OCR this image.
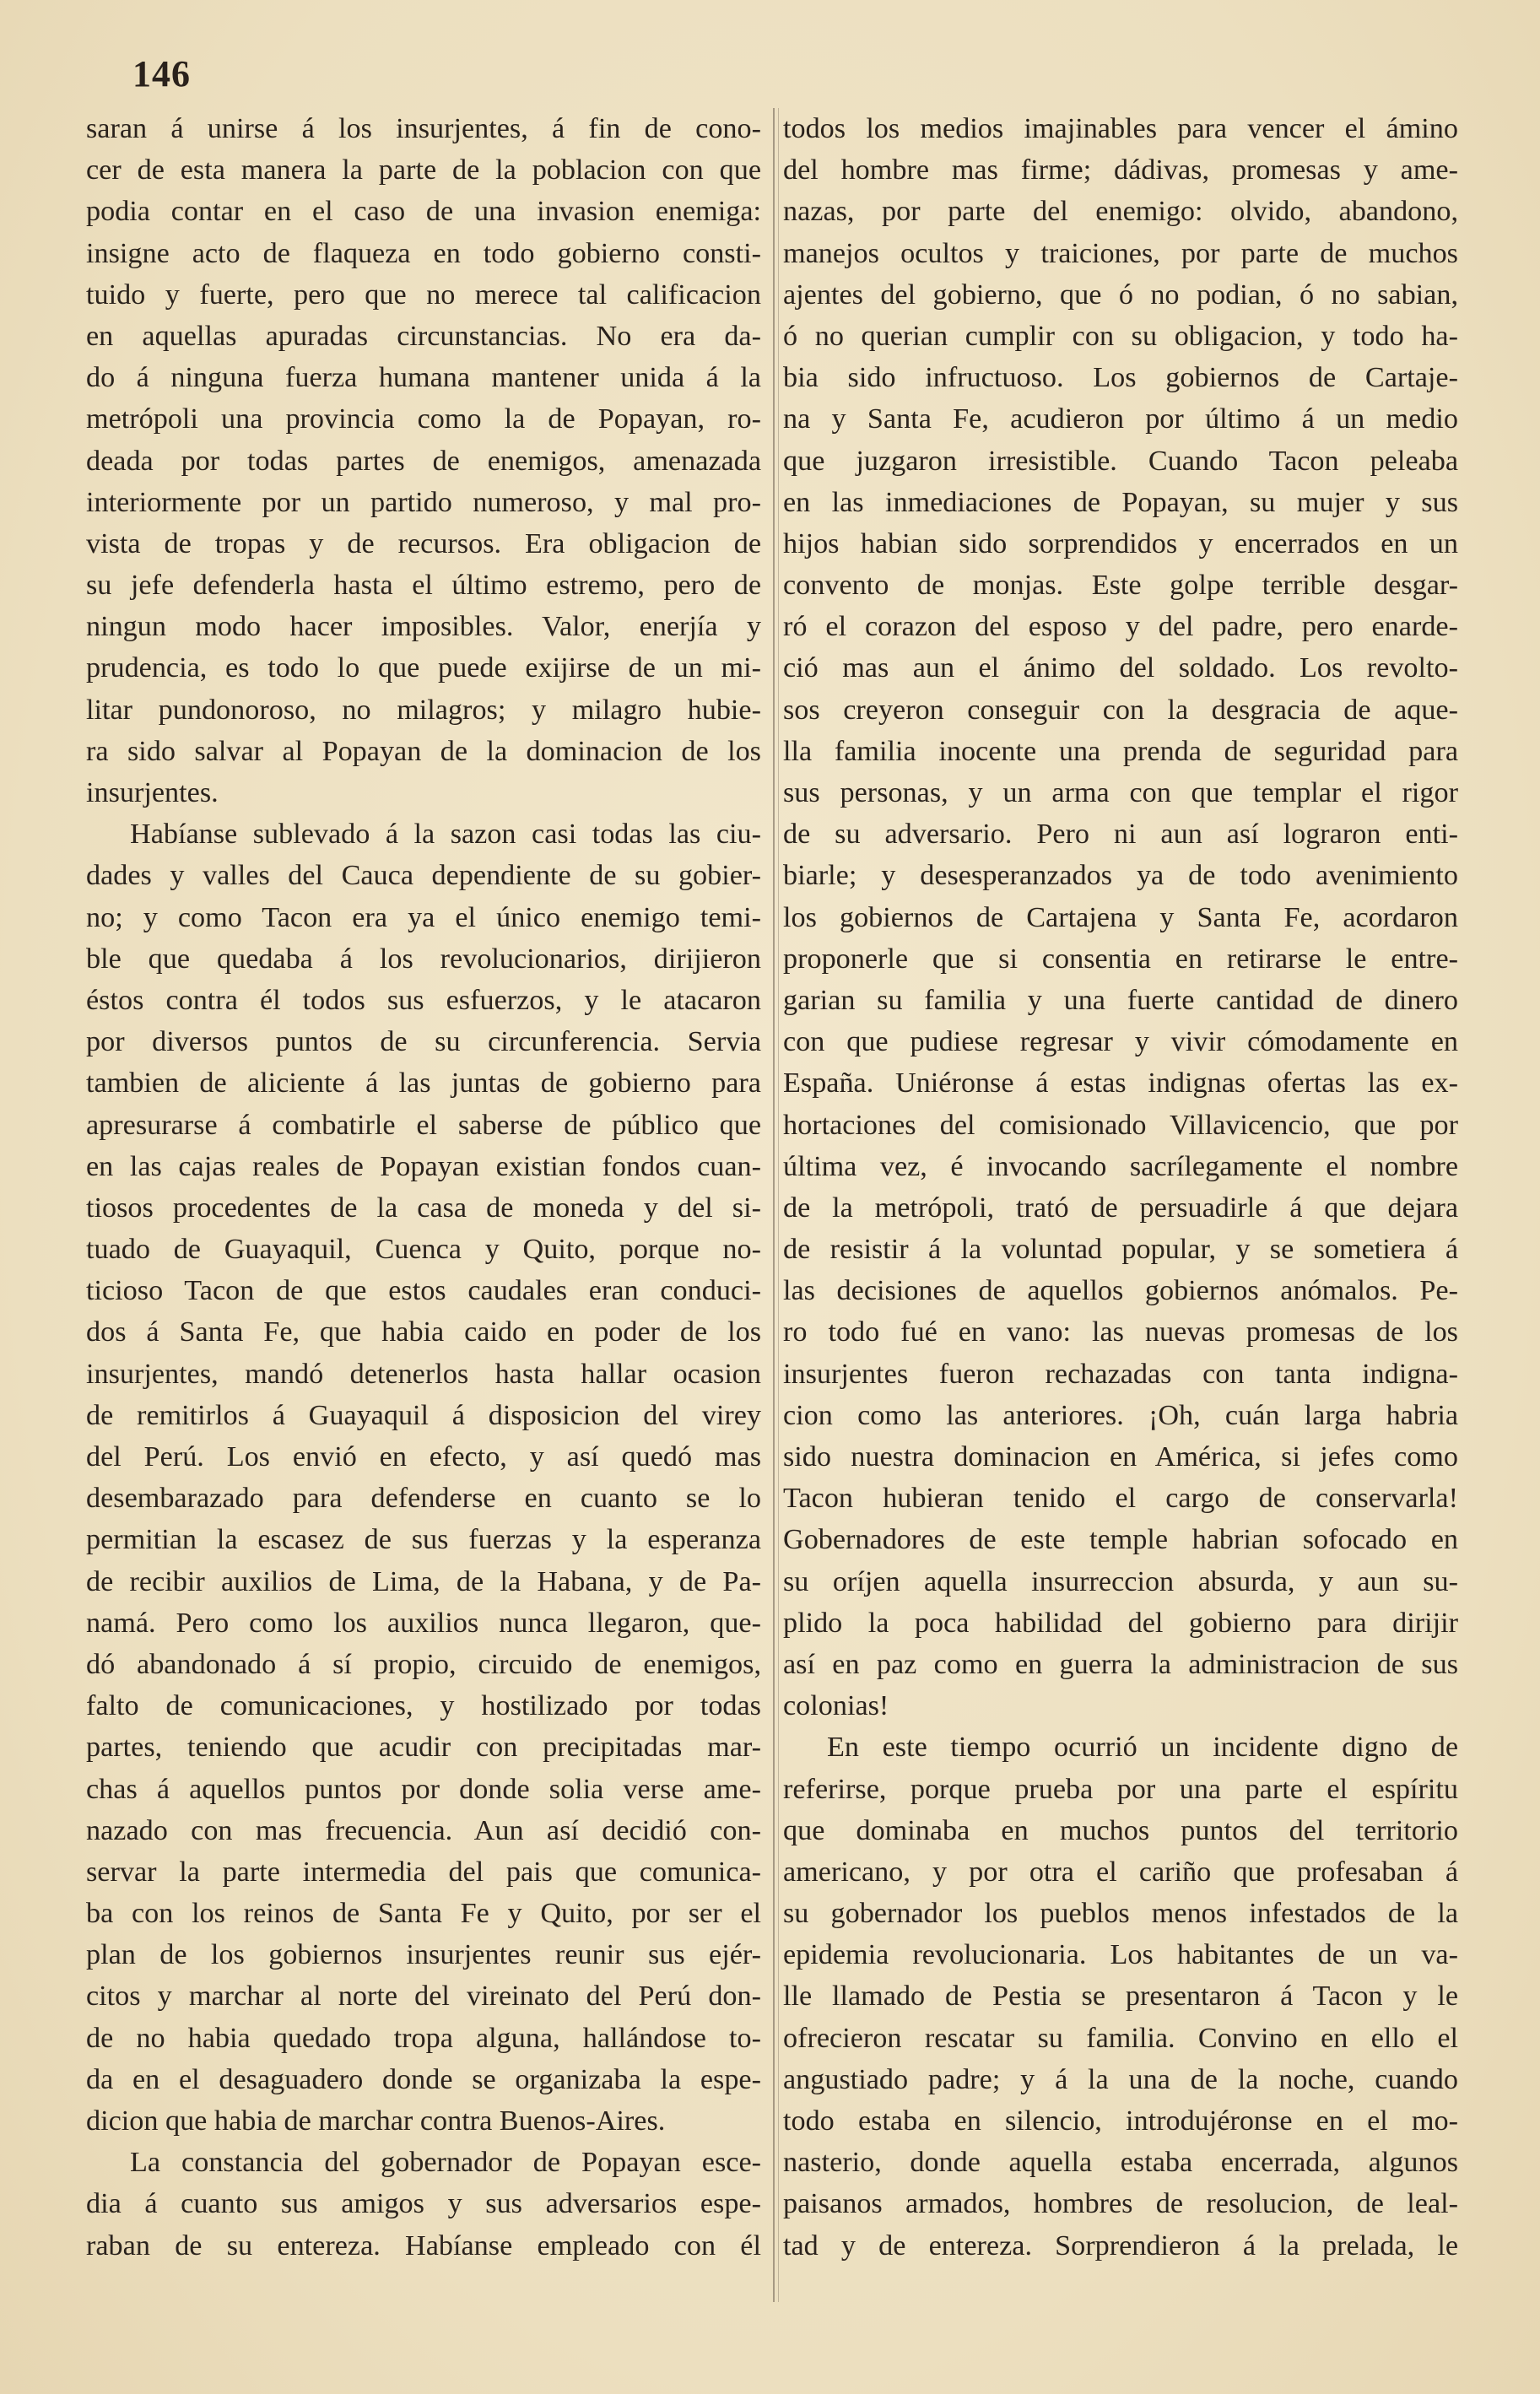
146
saran á unirse á los insurjentes, á fin de cono-
cer de esta manera la parte de la poblacion con que
podia contar en el caso de una invasion enemiga:
insigne acto de flaqueza en todo gobierno consti-
tuido y fuerte, pero que no merece tal calificacion
en aquellas apuradas circunstancias. No era da-
do á ninguna fuerza humana mantener unida á la
metrópoli una provincia como la de Popayan, ro-
deada por todas partes de enemigos, amenazada
interiormente por un partido numeroso, y mal pro-
vista de tropas y de recursos. Era obligacion de
su jefe defenderla hasta el último estremo, pero de
ningun modo hacer imposibles. Valor, enerjía y
prudencia, es todo lo que puede exijirse de un mi-
litar pundonoroso, no milagros; y milagro hubie-
ra sido salvar al Popayan de la dominacion de los
insurjentes.
Habíanse sublevado á la sazon casi todas las ciu-
dades y valles del Cauca dependiente de su gobier-
no; y como Tacon era ya el único enemigo temi-
ble que quedaba á los revolucionarios, dirijieron
éstos contra él todos sus esfuerzos, y le atacaron
por diversos puntos de su circunferencia. Servia
tambien de aliciente á las juntas de gobierno para
apresurarse á combatirle el saberse de público que
en las cajas reales de Popayan existian fondos cuan-
tiosos procedentes de la casa de moneda y del si-
tuado de Guayaquil, Cuenca y Quito, porque no-
ticioso Tacon de que estos caudales eran conduci-
dos á Santa Fe, que habia caido en poder de los
insurjentes, mandó detenerlos hasta hallar ocasion
de remitirlos á Guayaquil á disposicion del virey
del Perú. Los envió en efecto, y así quedó mas
desembarazado para defenderse en cuanto se lo
permitian la escasez de sus fuerzas y la esperanza
de recibir auxilios de Lima, de la Habana, y de Pa-
namá. Pero como los auxilios nunca llegaron, que-
dó abandonado á sí propio, circuido de enemigos,
falto de comunicaciones, y hostilizado por todas
partes, teniendo que acudir con precipitadas mar-
chas á aquellos puntos por donde solia verse ame-
nazado con mas frecuencia. Aun así decidió con-
servar la parte intermedia del pais que comunica-
ba con los reinos de Santa Fe y Quito, por ser el
plan de los gobiernos insurjentes reunir sus ejér-
citos y marchar al norte del vireinato del Perú don-
de no habia quedado tropa alguna, hallándose to-
da en el desaguadero donde se organizaba la espe-
dicion que habia de marchar contra Buenos-Aires.
La constancia del gobernador de Popayan esce-
dia á cuanto sus amigos y sus adversarios espe-
raban de su entereza. Habíanse empleado con él
todos los medios imajinables para vencer el ámino
del hombre mas firme; dádivas, promesas y ame-
nazas, por parte del enemigo: olvido, abandono,
manejos ocultos y traiciones, por parte de muchos
ajentes del gobierno, que ó no podian, ó no sabian,
ó no querian cumplir con su obligacion, y todo ha-
bia sido infructuoso. Los gobiernos de Cartaje-
na y Santa Fe, acudieron por último á un medio
que juzgaron irresistible. Cuando Tacon peleaba
en las inmediaciones de Popayan, su mujer y sus
hijos habian sido sorprendidos y encerrados en un
convento de monjas. Este golpe terrible desgar-
ró el corazon del esposo y del padre, pero enarde-
ció mas aun el ánimo del soldado. Los revolto-
sos creyeron conseguir con la desgracia de aque-
lla familia inocente una prenda de seguridad para
sus personas, y un arma con que templar el rigor
de su adversario. Pero ni aun así lograron enti-
biarle; y desesperanzados ya de todo avenimiento
los gobiernos de Cartajena y Santa Fe, acordaron
proponerle que si consentia en retirarse le entre-
garian su familia y una fuerte cantidad de dinero
con que pudiese regresar y vivir cómodamente en
España. Uniéronse á estas indignas ofertas las ex-
hortaciones del comisionado Villavicencio, que por
última vez, é invocando sacrílegamente el nombre
de la metrópoli, trató de persuadirle á que dejara
de resistir á la voluntad popular, y se sometiera á
las decisiones de aquellos gobiernos anómalos. Pe-
ro todo fué en vano: las nuevas promesas de los
insurjentes fueron rechazadas con tanta indigna-
cion como las anteriores. ¡Oh, cuán larga habria
sido nuestra dominacion en América, si jefes como
Tacon hubieran tenido el cargo de conservarla!
Gobernadores de este temple habrian sofocado en
su oríjen aquella insurreccion absurda, y aun su-
plido la poca habilidad del gobierno para dirijir
así en paz como en guerra la administracion de sus
colonias!
En este tiempo ocurrió un incidente digno de
referirse, porque prueba por una parte el espíritu
que dominaba en muchos puntos del territorio
americano, y por otra el cariño que profesaban á
su gobernador los pueblos menos infestados de la
epidemia revolucionaria. Los habitantes de un va-
lle llamado de Pestia se presentaron á Tacon y le
ofrecieron rescatar su familia. Convino en ello el
angustiado padre; y á la una de la noche, cuando
todo estaba en silencio, introdujéronse en el mo-
nasterio, donde aquella estaba encerrada, algunos
paisanos armados, hombres de resolucion, de leal-
tad y de entereza. Sorprendieron á la prelada, le
